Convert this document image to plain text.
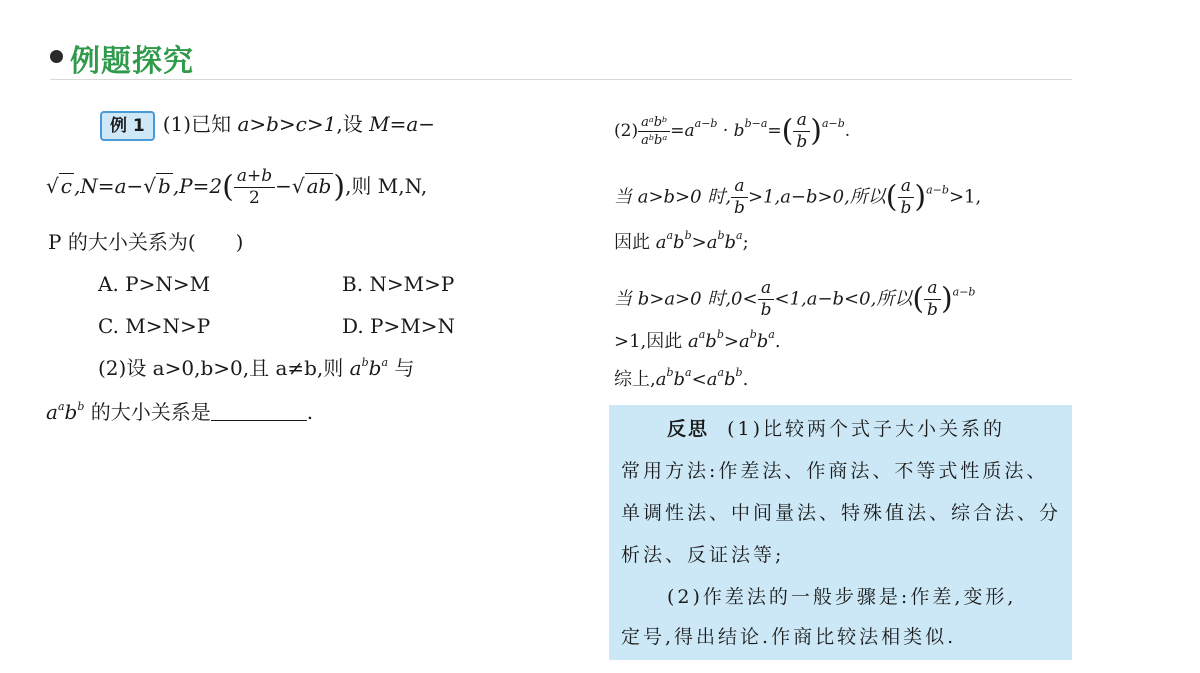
例题探究
例 1 (1)已知 a>b>c>1,设 M=a−
√ c ,N=a−√ b $,P=2( \frac{a+b}{2}$ −√ ab),则 M,N,
P 的大小关系为(　　)
A. P>N>M	B. N>M>P
C. M>N>P	D. P>M>N
(2)设 a>0,b>0,且 a≠b,则 $a^bb^a$ 与
$a^ab^b$ 的大小关系是	.
$(2) \frac{\text{aᵃbᵇ}}{\text{aᵇbᵃ}} =a^{a-b} \cdot b^{b-a}=( \frac{a}{b} )^{a-b}$.
当 a>b>0 时, $\frac{a}{b} >1,a-b>0$,所以( $\frac{a}{b} )^{a-b}>1$,
因此 $a^ab^b>a^bb^a$;
当 b>a>0 时$,0< \frac{a}{b} <1,a-b<0$,所以( $\frac{a}{b} )^{a-b}$
>1,因此 $a^ab^b>a^bb^a$.
综上$,a^bb^a<a^ab^b$.
反思 (1)比较两个式子大小关系的
常用方法:作差法、作商法、不等式性质法、
单调性法、中间量法、特殊值法、综合法、分
析法、反证法等;
(2)作差法的一般步骤是:作差,变形,
定号,得出结论.作商比较法相类似.
